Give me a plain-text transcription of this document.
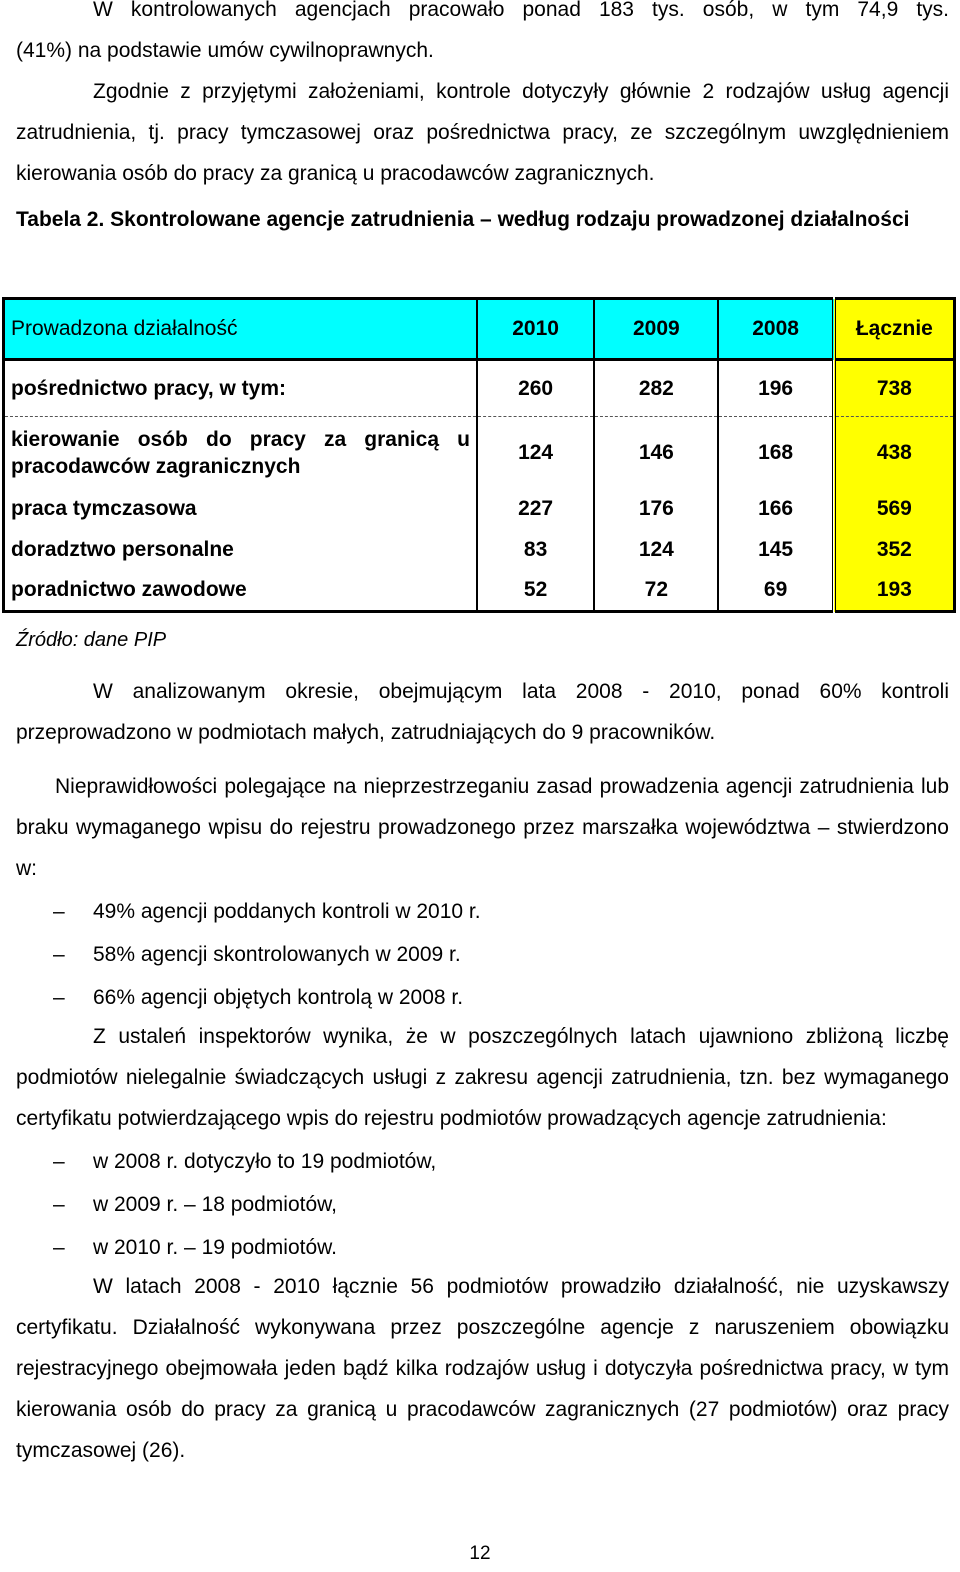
W kontrolowanych agencjach pracowało ponad 183 tys. osób, w tym 74,9 tys.

(41%) na podstawie umów cywilnoprawnych.

Zgodnie z przyjętymi założeniami, kontrole dotyczyły głównie 2 rodzajów usług agencji zatrudnienia, tj. pracy tymczasowej oraz pośrednictwa pracy, ze szczególnym uwzględnieniem kierowania osób do pracy za granicą u pracodawców zagranicznych.

Tabela 2. Skontrolowane agencje zatrudnienia – według rodzaju prowadzonej działalności

Prowadzona działalność	2010	2009	2008	Łącznie
pośrednictwo pracy, w tym:	260	282	196	738
kierowanie osób do pracy za granicą u pracodawców zagranicznych	124	146	168	438
praca tymczasowa	227	176	166	569
doradztwo personalne	83	124	145	352
poradnictwo zawodowe	52	72	69	193
Źródło: dane PIP

W analizowanym okresie, obejmującym lata 2008 - 2010, ponad 60% kontroli przeprowadzono w podmiotach małych, zatrudniających do 9 pracowników.

Nieprawidłowości polegające na nieprzestrzeganiu zasad prowadzenia agencji zatrudnienia lub braku wymaganego wpisu do rejestru prowadzonego przez marszałka województwa – stwierdzono w:

– 49% agencji poddanych kontroli w 2010 r.
– 58% agencji skontrolowanych w 2009 r.
– 66% agencji objętych kontrolą w 2008 r.

Z ustaleń inspektorów wynika, że w poszczególnych latach ujawniono zbliżoną liczbę podmiotów nielegalnie świadczących usługi z zakresu agencji zatrudnienia, tzn. bez wymaganego certyfikatu potwierdzającego wpis do rejestru podmiotów prowadzących agencje zatrudnienia:

– w 2008 r. dotyczyło to 19 podmiotów,
– w 2009 r. – 18 podmiotów,
– w 2010 r. – 19 podmiotów.

W latach 2008 - 2010 łącznie 56 podmiotów prowadziło działalność, nie uzyskawszy certyfikatu. Działalność wykonywana przez poszczególne agencje z naruszeniem obowiązku rejestracyjnego obejmowała jeden bądź kilka rodzajów usług i dotyczyła pośrednictwa pracy, w tym kierowania osób do pracy za granicą u pracodawców zagranicznych (27 podmiotów) oraz pracy tymczasowej (26).

12
